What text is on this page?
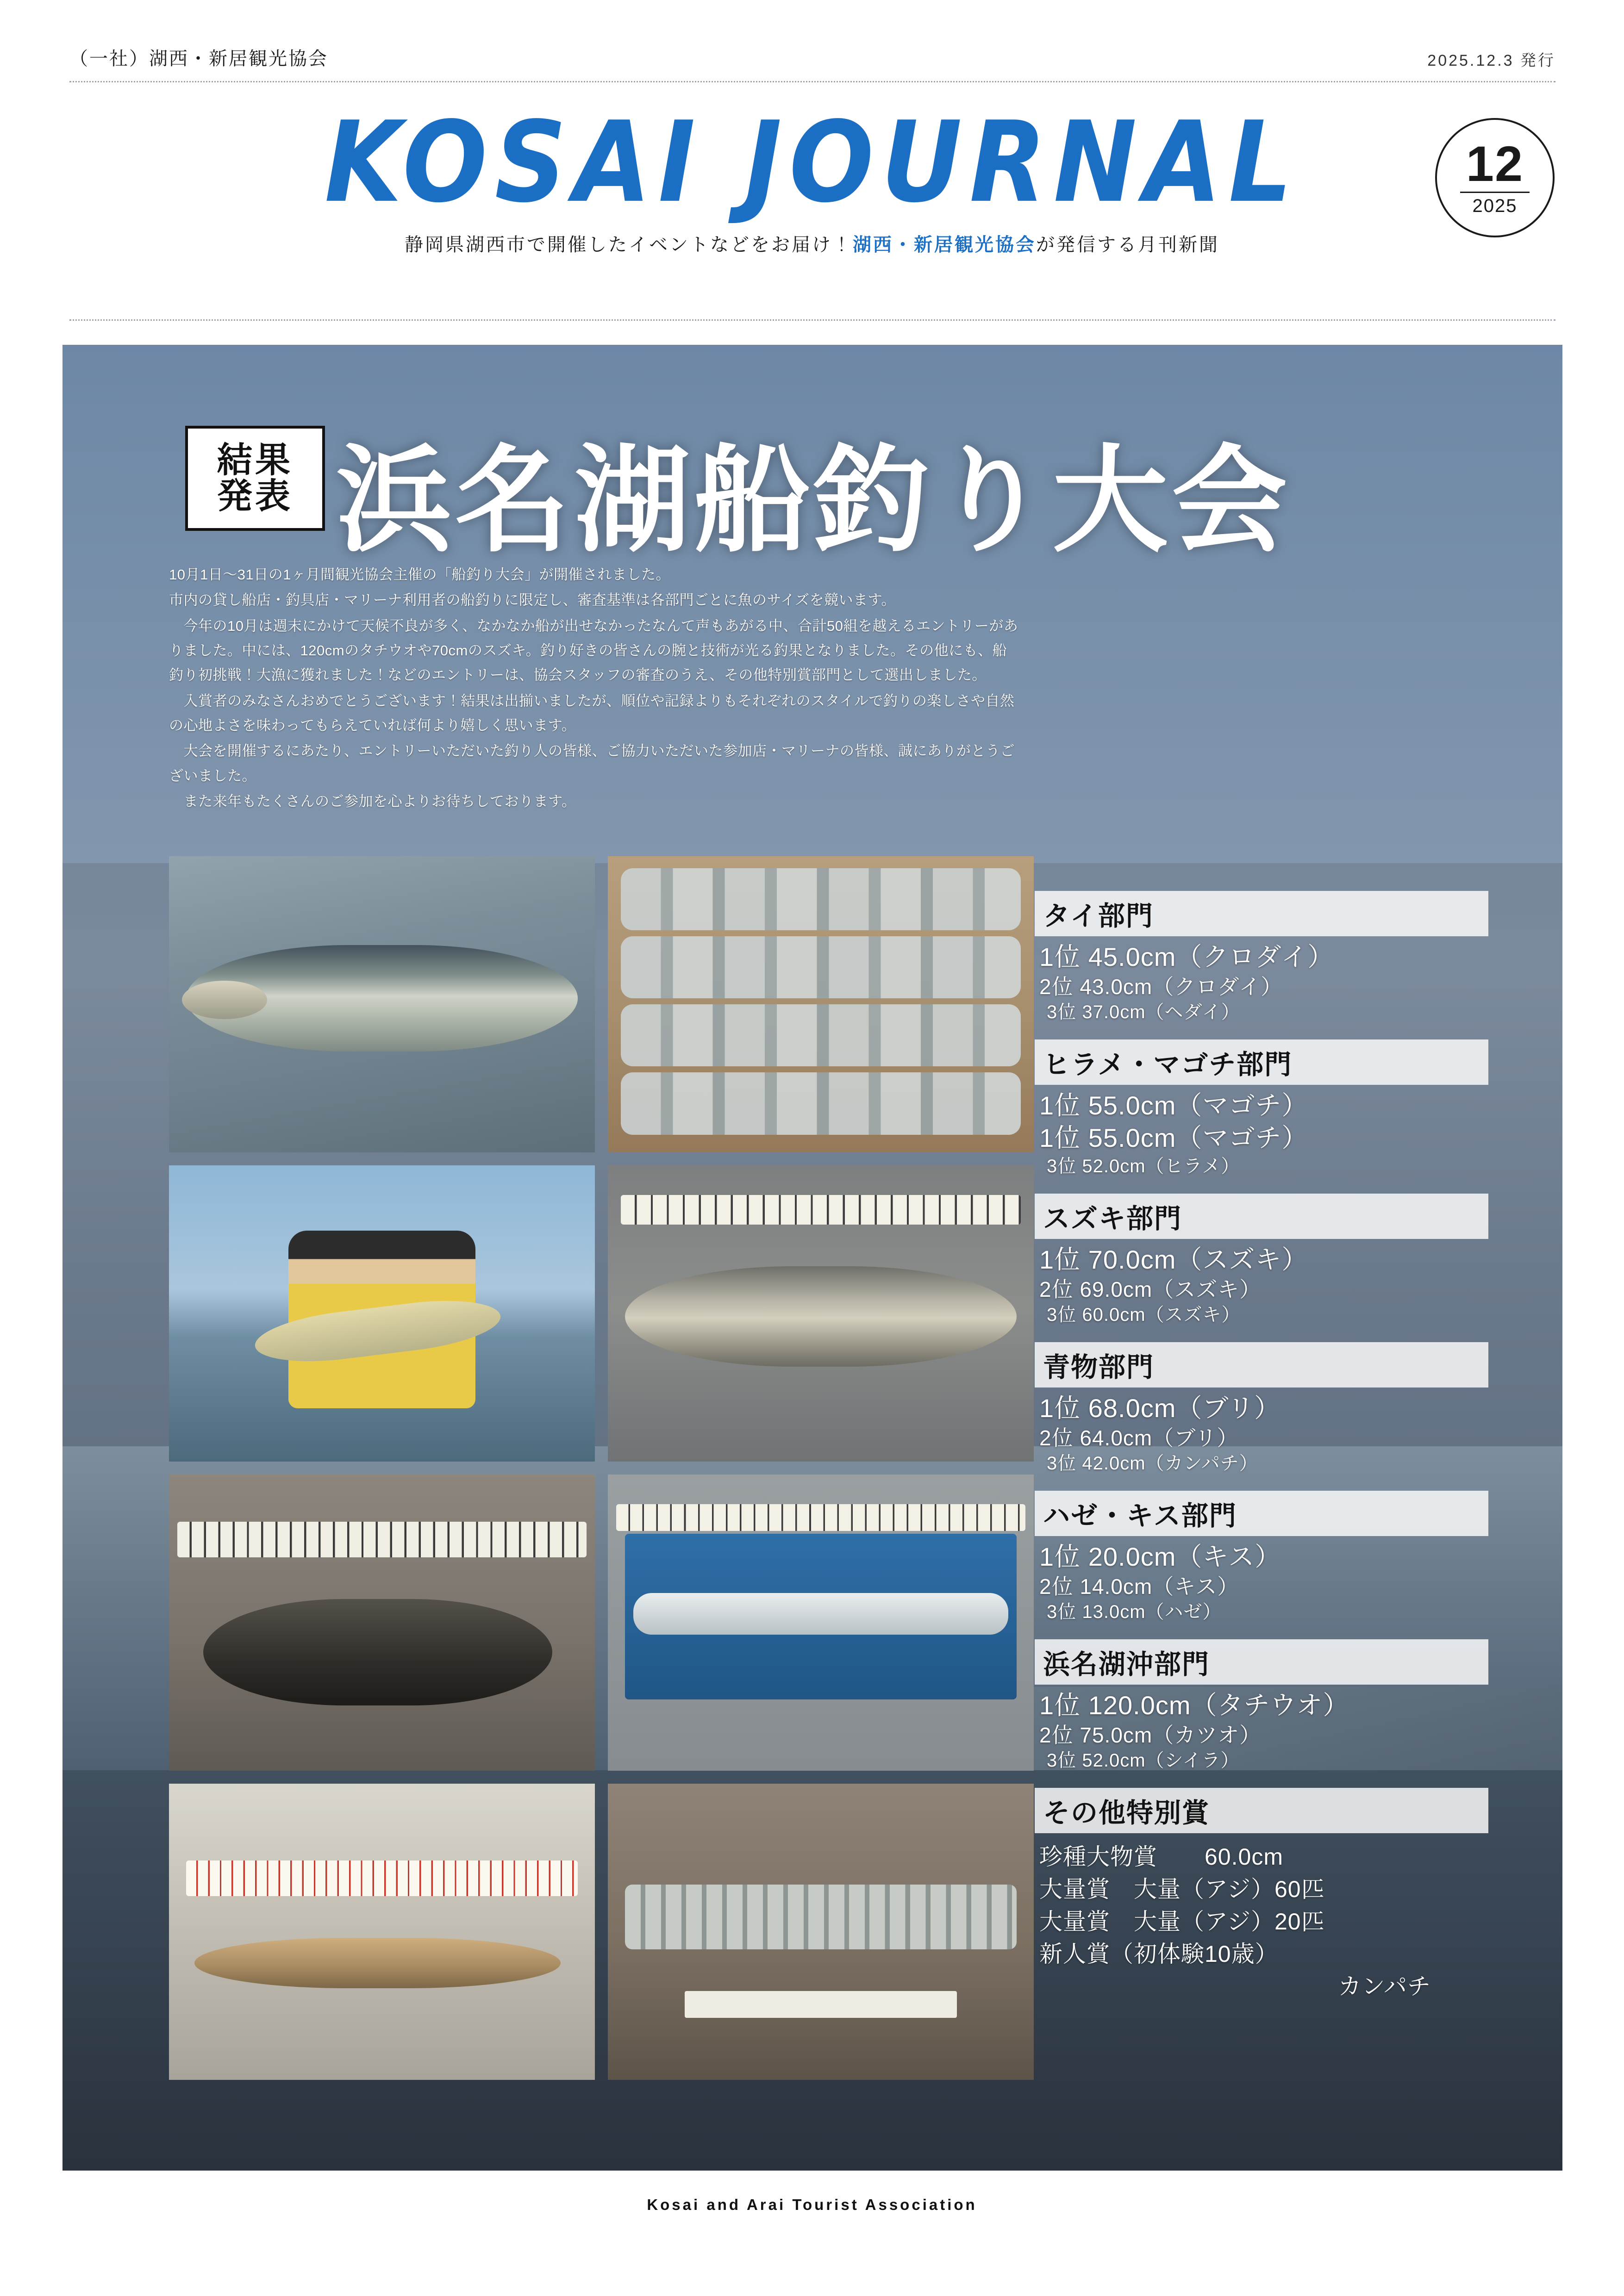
（一社）湖西・新居観光協会	2025.12.3 発行
KOSAI JOURNAL
静岡県湖西市で開催したイベントなどをお届け！湖西・新居観光協会が発信する月刊新聞
12
2025
結果
発表 浜名湖船釣り大会

10月1日〜31日の1ヶ月間観光協会主催の「船釣り大会」が開催されました。

市内の貸し船店・釣具店・マリーナ利用者の船釣りに限定し、審査基準は各部門ごとに魚のサイズを競います。

　今年の10月は週末にかけて天候不良が多く、なかなか船が出せなかったなんて声もあがる中、合計50組を越えるエントリーがありました。中には、120cmのタチウオや70cmのスズキ。釣り好きの皆さんの腕と技術が光る釣果となりました。その他にも、船釣り初挑戦！大漁に獲れました！などのエントリーは、協会スタッフの審査のうえ、その他特別賞部門として選出しました。

　入賞者のみなさんおめでとうございます！結果は出揃いましたが、順位や記録よりもそれぞれのスタイルで釣りの楽しさや自然の心地よさを味わってもらえていれば何より嬉しく思います。

　大会を開催するにあたり、エントリーいただいた釣り人の皆様、ご協力いただいた参加店・マリーナの皆様、誠にありがとうございました。

　また来年もたくさんのご参加を心よりお待ちしております。

タイ部門
1位 45.0cm（クロダイ）
2位 43.0cm（クロダイ）
3位 37.0cm（ヘダイ）
ヒラメ・マゴチ部門
1位 55.0cm（マゴチ）
1位 55.0cm（マゴチ）
3位 52.0cm（ヒラメ）
スズキ部門
1位 70.0cm（スズキ）
2位 69.0cm（スズキ）
3位 60.0cm（スズキ）
青物部門
1位 68.0cm（ブリ）
2位 64.0cm（ブリ）
3位 42.0cm（カンパチ）
ハゼ・キス部門
1位 20.0cm（キス）
2位 14.0cm（キス）
3位 13.0cm（ハゼ）
浜名湖沖部門
1位 120.0cm（タチウオ）
2位 75.0cm（カツオ）
3位 52.0cm（シイラ）
その他特別賞
珍種大物賞　　60.0cm
大量賞　大量（アジ）60匹
大量賞　大量（アジ）20匹
新人賞（初体験10歳）
カンパチ
Kosai and Arai Tourist Association
